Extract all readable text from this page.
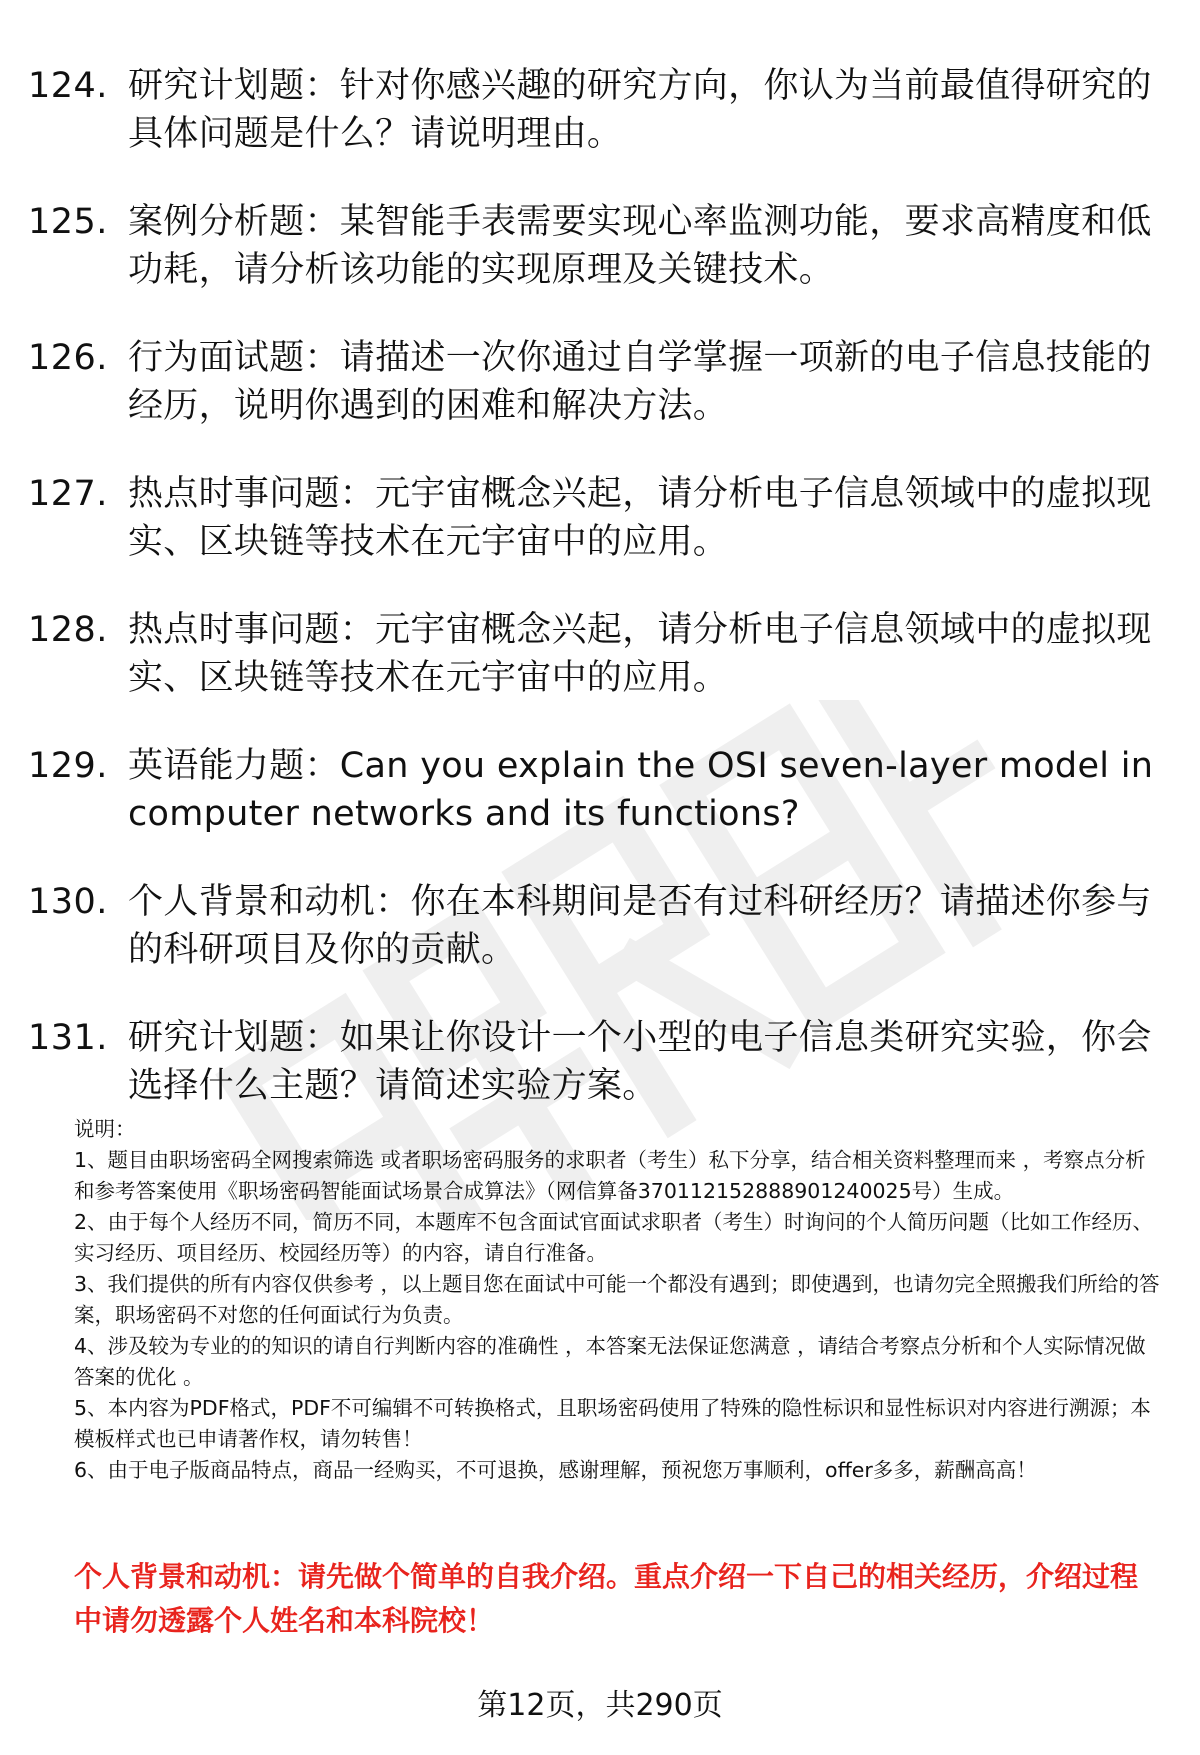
124. 研究计划题：针对你感兴趣的研究方向，你认为当前最值得研究的具体问题是什么？请说明理由。
125. 案例分析题：某智能手表需要实现心率监测功能，要求高精度和低功耗，请分析该功能的实现原理及关键技术。
126. 行为面试题：请描述一次你通过自学掌握一项新的电子信息技能的经历，说明你遇到的困难和解决方法。
127. 热点时事问题：元宇宙概念兴起，请分析电子信息领域中的虚拟现实、区块链等技术在元宇宙中的应用。
128. 热点时事问题：元宇宙概念兴起，请分析电子信息领域中的虚拟现实、区块链等技术在元宇宙中的应用。
129. 英语能力题：Can you explain the OSI seven-layer model in computer networks and its functions?
130. 个人背景和动机：你在本科期间是否有过科研经历？请描述你参与的科研项目及你的贡献。
131. 研究计划题：如果让你设计一个小型的电子信息类研究实验，你会选择什么主题？请简述实验方案。

说明：

1、题目由职场密码全网搜索筛选 或者职场密码服务的求职者（考生）私下分享，结合相关资料整理而来 ，考察点分析和参考答案使用《职场密码智能面试场景合成算法》（网信算备370112152888901240025号）生成。

2、由于每个人经历不同，简历不同，本题库不包含面试官面试求职者（考生）时询问的个人简历问题（比如工作经历、实习经历、项目经历、校园经历等）的内容，请自行准备。

3、我们提供的所有内容仅供参考 ，以上题目您在面试中可能一个都没有遇到；即使遇到，也请勿完全照搬我们所给的答案，职场密码不对您的任何面试行为负责。

4、涉及较为专业的的知识的请自行判断内容的准确性 ，本答案无法保证您满意 ，请结合考察点分析和个人实际情况做答案的优化 。

5、本内容为PDF格式，PDF不可编辑不可转换格式，且职场密码使用了特殊的隐性标识和显性标识对内容进行溯源；本模板样式也已申请著作权，请勿转售！

6、由于电子版商品特点，商品一经购买，不可退换，感谢理解，预祝您万事顺利，offer多多，薪酬高高！

个人背景和动机：请先做个简单的自我介绍。重点介绍一下自己的相关经历，介绍过程中请勿透露个人姓名和本科院校！
第12页，共290页
